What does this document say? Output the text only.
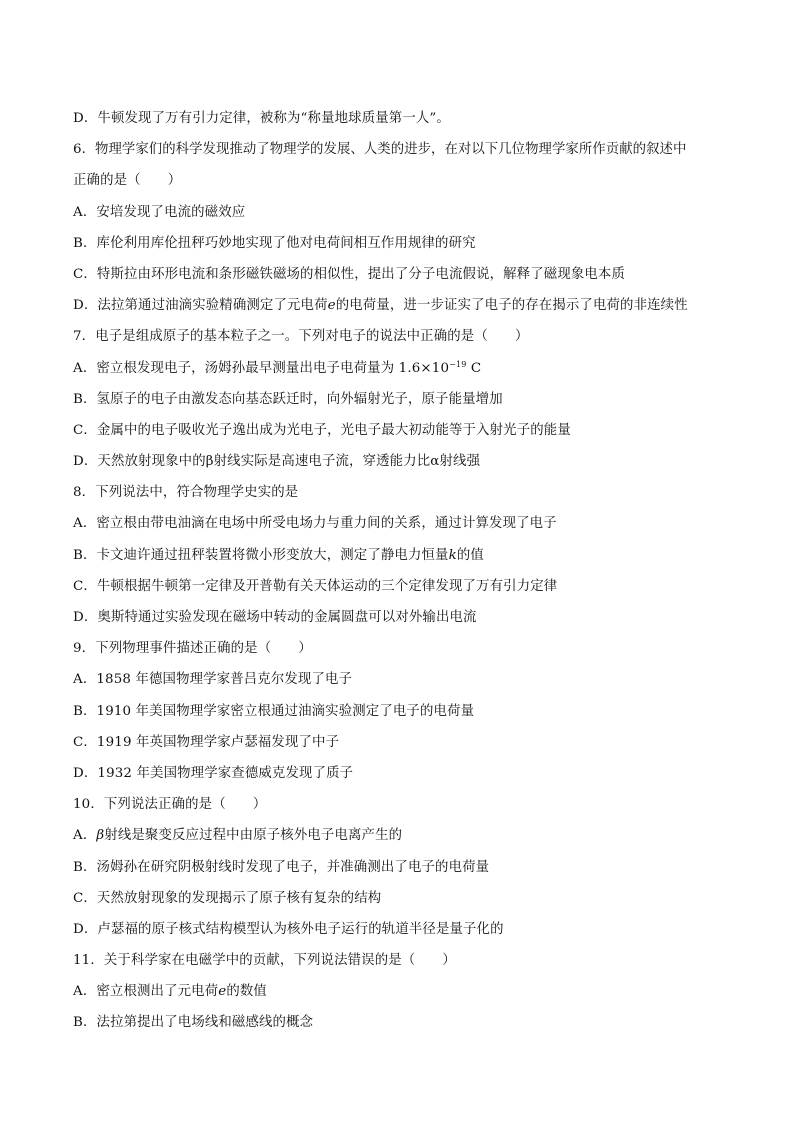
D．牛顿发现了万有引力定律，被称为“称量地球质量第一人”。
6．物理学家们的科学发现推动了物理学的发展、人类的进步，在对以下几位物理学家所作贡献的叙述中
正确的是（　　）
A．安培发现了电流的磁效应
B．库伦利用库伦扭秤巧妙地实现了他对电荷间相互作用规律的研究
C．特斯拉由环形电流和条形磁铁磁场的相似性，提出了分子电流假说，解释了磁现象电本质
D．法拉第通过油滴实验精确测定了元电荷e的电荷量，进一步证实了电子的存在揭示了电荷的非连续性
7．电子是组成原子的基本粒子之一。下列对电子的说法中正确的是（　　）
A．密立根发现电子，汤姆孙最早测量出电子电荷量为 $1.6\times 10^{-19}$ C
B．氢原子的电子由激发态向基态跃迁时，向外辐射光子，原子能量增加
C．金属中的电子吸收光子逸出成为光电子，光电子最大初动能等于入射光子的能量
D．天然放射现象中的β射线实际是高速电子流，穿透能力比α射线强
8．下列说法中，符合物理学史实的是
A．密立根由带电油滴在电场中所受电场力与重力间的关系，通过计算发现了电子
B．卡文迪许通过扭秤装置将微小形变放大，测定了静电力恒量k的值
C．牛顿根据牛顿第一定律及开普勒有关天体运动的三个定律发现了万有引力定律
D．奥斯特通过实验发现在磁场中转动的金属圆盘可以对外输出电流
9．下列物理事件描述正确的是（　　）
A．1858 年德国物理学家普吕克尔发现了电子
B．1910 年美国物理学家密立根通过油滴实验测定了电子的电荷量
C．1919 年英国物理学家卢瑟福发现了中子
D．1932 年美国物理学家查德威克发现了质子
10．下列说法正确的是（　　）
A．β射线是聚变反应过程中由原子核外电子电离产生的
B．汤姆孙在研究阴极射线时发现了电子，并准确测出了电子的电荷量
C．天然放射现象的发现揭示了原子核有复杂的结构
D．卢瑟福的原子核式结构模型认为核外电子运行的轨道半径是量子化的
11．关于科学家在电磁学中的贡献，下列说法错误的是（　　）
A．密立根测出了元电荷e的数值
B．法拉第提出了电场线和磁感线的概念
